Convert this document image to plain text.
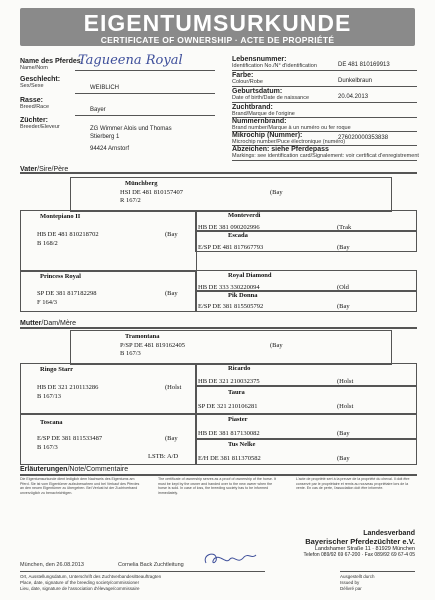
EIGENTUMSURKUNDE
CERTIFICATE OF OWNERSHIP · ACTE DE PROPRIÉTÉ
Name des Pferdes:
Name/Nom	Tagueena Royal
Geschlecht:
Sex/Sexe	WEIBLICH
Rasse:
Breed/Race	Bayer
Züchter:
Breeder/Eleveur	ZG Wimmer Alois und Thomas
Stierberg 1
94424 Arnstorf
Lebensnummer:
Identification No./N° d'identification	DE 481 810169913
Farbe:
Colour/Robe	Dunkelbraun
Geburtsdatum:
Date of birth/Date de naissance	20.04.2013
Zuchtbrand:
Brand/Marque de l'origine
Nummernbrand:
Brand number/Marque à un numéro ou fer roque
Mikrochip (Nummer):
Microchip number/Puce électronique (numéro)
276020000353838
Abzeichen: siehe Pferdepass
Markings: see identification card/Signalement: voir certificat d'enregistrement
Vater/Sire/Père
Münchberg
HSI DE 481 810157407	(Bay
R 167/2
Montepiano II
HB DE 481 810218702	(Bay
B 168/2
Monteverdi
HB DE 381 090202996	(Trak
Escada
E/SP DE 481 817667793	(Bay
Princess Royal
SP DE 381 817182298	(Bay
F 164/3
Royal Diamond
HB DE 333 330220094	(Old
Pik Donna
E/SP DE 381 815505792	(Bay
Mutter/Dam/Mère
Tramontana
P/SP DE 481 819162405	(Bay
B 167/3
Ringo Starr
HB DE 321 210113286	(Holst
B 167/13
Ricardo
HB DE 321 210032375	(Holst
Taura
SP DE 321 210106281	(Holst
Toscana
E/SP DE 381 811533487	(Bay
B 167/3
Piaster
HB DE 381 817130082	(Bay
Tus Nelke
E/H DE 381 811370582	(Bay
LSTB: A/D
Erläuterungen/Note/Commentaire
Die Eigentumsurkunde dient lediglich dem Nachweis des Eigentums am Pferd. Sie ist vom Eigentümer aufzubewahren und bei Verkauf des Pferdes an den neuen Eigentümer zu übergeben. Bei Verlust ist der Zuchtverband unverzüglich zu benachrichtigen.
The certificate of ownership serves as a proof of ownership of the horse. It must be kept by the owner and handed over to the new owner when the horse is sold. In case of loss, the breeding society has to be informed immediately.
L'acte de propriété sert à la preuve de la propriété du cheval. Il doit être conservé par le propriétaire et remis au nouveau propriétaire lors de la vente. En cas de perte, l'association doit être informée.
Landesverband
Bayerischer Pferdezüchter e.V.
Landshamer Straße 11 · 81929 München
Telefon 089/92 69 67-200 · Fax 089/92 69 67-4 05
München, den 26.08.2013	Cornelia Back Zuchtleitung
Ort, Ausstellungsdatum, Unterschrift des Zuchtverbandes/Beauftragten
Place, date, signature of the breeding society/commissioner
Lieu, date, signature de l'association d'élevage/commissaire
Ausgestellt durch
Issued by
Délivré par
